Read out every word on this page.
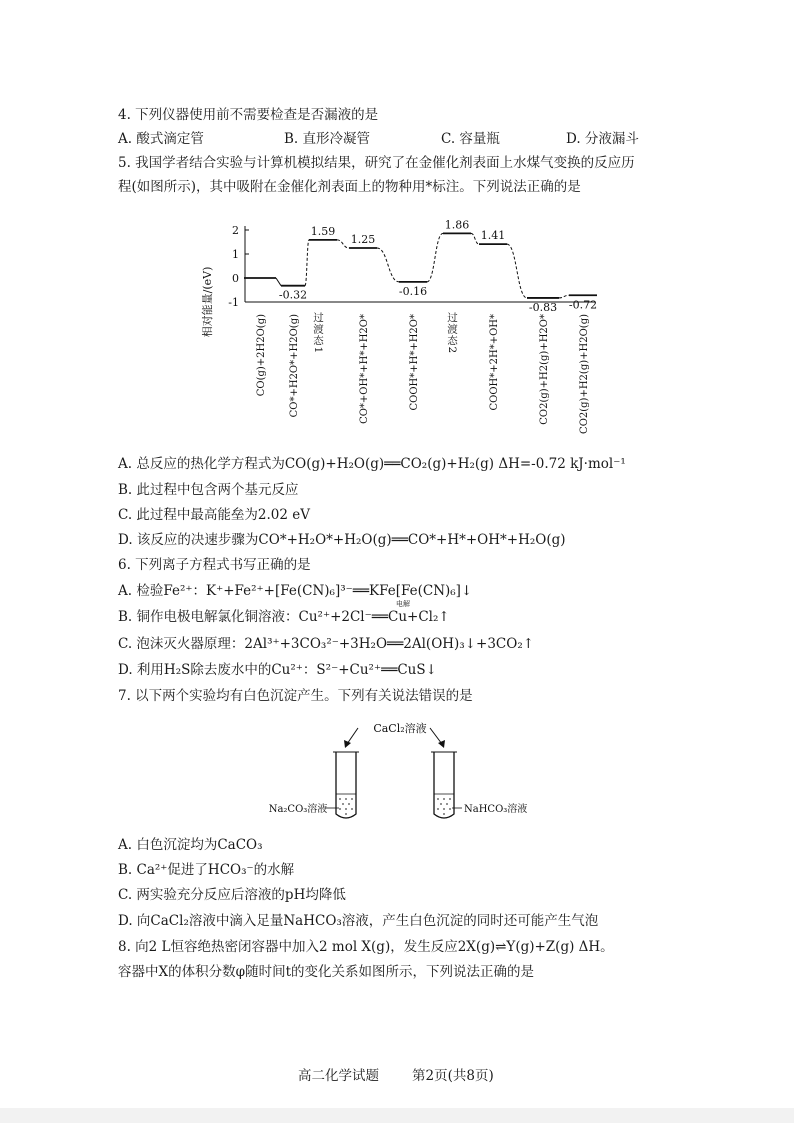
4. 下列仪器使用前不需要检查是否漏液的是
A. 酸式滴定管	B. 直形冷凝管	C. 容量瓶	D. 分液漏斗
5. 我国学者结合实验与计算机模拟结果，研究了在金催化剂表面上水煤气变换的反应历
程(如图所示)，其中吸附在金催化剂表面上的物种用*标注。下列说法正确的是
相对能量/(eV)
2
1
0
-1
-0.32
1.59
1.25
-0.16
1.86
1.41
-0.83 -0.72
CO(g)+2H2O(g) CO*+H2O*+H2O(g) 过渡态1	CO*+OH*+H*+H2O*	COOH*+H*+H2O* 过渡态2	COOH*+2H*+OH*	CO2(g)+H2(g)+H2O*	CO2(g)+H2(g)+H2O(g)
A. 总反应的热化学方程式为CO(g)+H₂O(g)══CO₂(g)+H₂(g) ΔH=-0.72 kJ·mol⁻¹
B. 此过程中包含两个基元反应
C. 此过程中最高能垒为2.02 eV
D. 该反应的决速步骤为CO*+H₂O*+H₂O(g)══CO*+H*+OH*+H₂O(g)
6. 下列离子方程式书写正确的是
A. 检验Fe²⁺：K⁺+Fe²⁺+[Fe(CN)₆]³⁻══KFe[Fe(CN)₆]↓
B. 铜作电极电解氯化铜溶液：Cu²⁺+2Cl⁻══Cu+Cl₂↑
电解
C. 泡沫灭火器原理：2Al³⁺+3CO₃²⁻+3H₂O══2Al(OH)₃↓+3CO₂↑
D. 利用H₂S除去废水中的Cu²⁺：S²⁻+Cu²⁺══CuS↓
7. 以下两个实验均有白色沉淀产生。下列有关说法错误的是
CaCl₂溶液
Na₂CO₃溶液	NaHCO₃溶液
A. 白色沉淀均为CaCO₃
B. Ca²⁺促进了HCO₃⁻的水解
C. 两实验充分反应后溶液的pH均降低
D. 向CaCl₂溶液中滴入足量NaHCO₃溶液，产生白色沉淀的同时还可能产生气泡
8. 向2 L恒容绝热密闭容器中加入2 mol X(g)，发生反应2X(g)⇌Y(g)+Z(g) ΔH。
容器中X的体积分数φ随时间t的变化关系如图所示，下列说法正确的是
高二化学试题 第2页(共8页)
